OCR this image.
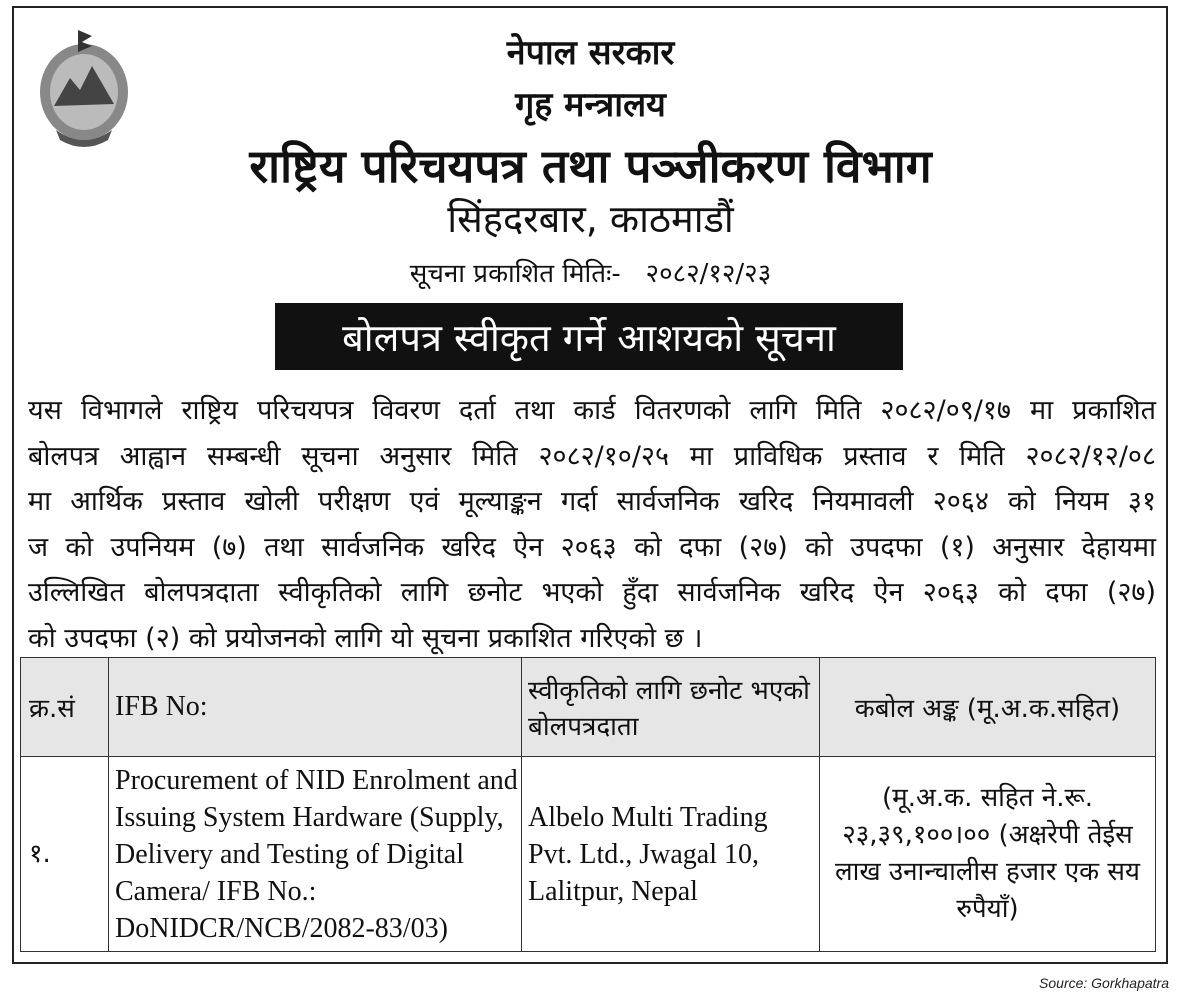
नेपाल सरकार
गृह मन्त्रालय
राष्ट्रिय परिचयपत्र तथा पञ्जीकरण विभाग
सिंहदरबार, काठमाडौं
सूचना प्रकाशित मितिः- २०८२/१२/२३
बोलपत्र स्वीकृत गर्ने आशयको सूचना
यस विभागले राष्ट्रिय परिचयपत्र विवरण दर्ता तथा कार्ड वितरणको लागि मिति २०८२/०९/१७ मा प्रकाशित
बोलपत्र आह्वान सम्बन्धी सूचना अनुसार मिति २०८२/१०/२५ मा प्राविधिक प्रस्ताव र मिति २०८२/१२/०८
मा आर्थिक प्रस्ताव खोली परीक्षण एवं मूल्याङ्कन गर्दा सार्वजनिक खरिद नियमावली २०६४ को नियम ३१
ज को उपनियम (७) तथा सार्वजनिक खरिद ऐन २०६३ को दफा (२७) को उपदफा (१) अनुसार देहायमा
उल्लिखित बोलपत्रदाता स्वीकृतिको लागि छनोट भएको हुँदा सार्वजनिक खरिद ऐन २०६३ को दफा (२७)
को उपदफा (२) को प्रयोजनको लागि यो सूचना प्रकाशित गरिएको छ ।
क्र.सं	IFB No:	स्वीकृतिको लागि छनोट भएको बोलपत्रदाता	कबोल अङ्क (मू.अ.क.सहित)
१.	Procurement of NID Enrolment and Issuing System Hardware (Supply, Delivery and Testing of Digital Camera/ IFB No.: DoNIDCR/NCB/2082-83/03)	Albelo Multi Trading Pvt. Ltd., Jwagal 10, Lalitpur, Nepal	(मू.अ.क. सहित ने.रू. २३,३९,१००।०० (अक्षरेपी तेईस लाख उनान्चालीस हजार एक सय रुपैयाँ)
Source: Gorkhapatra
